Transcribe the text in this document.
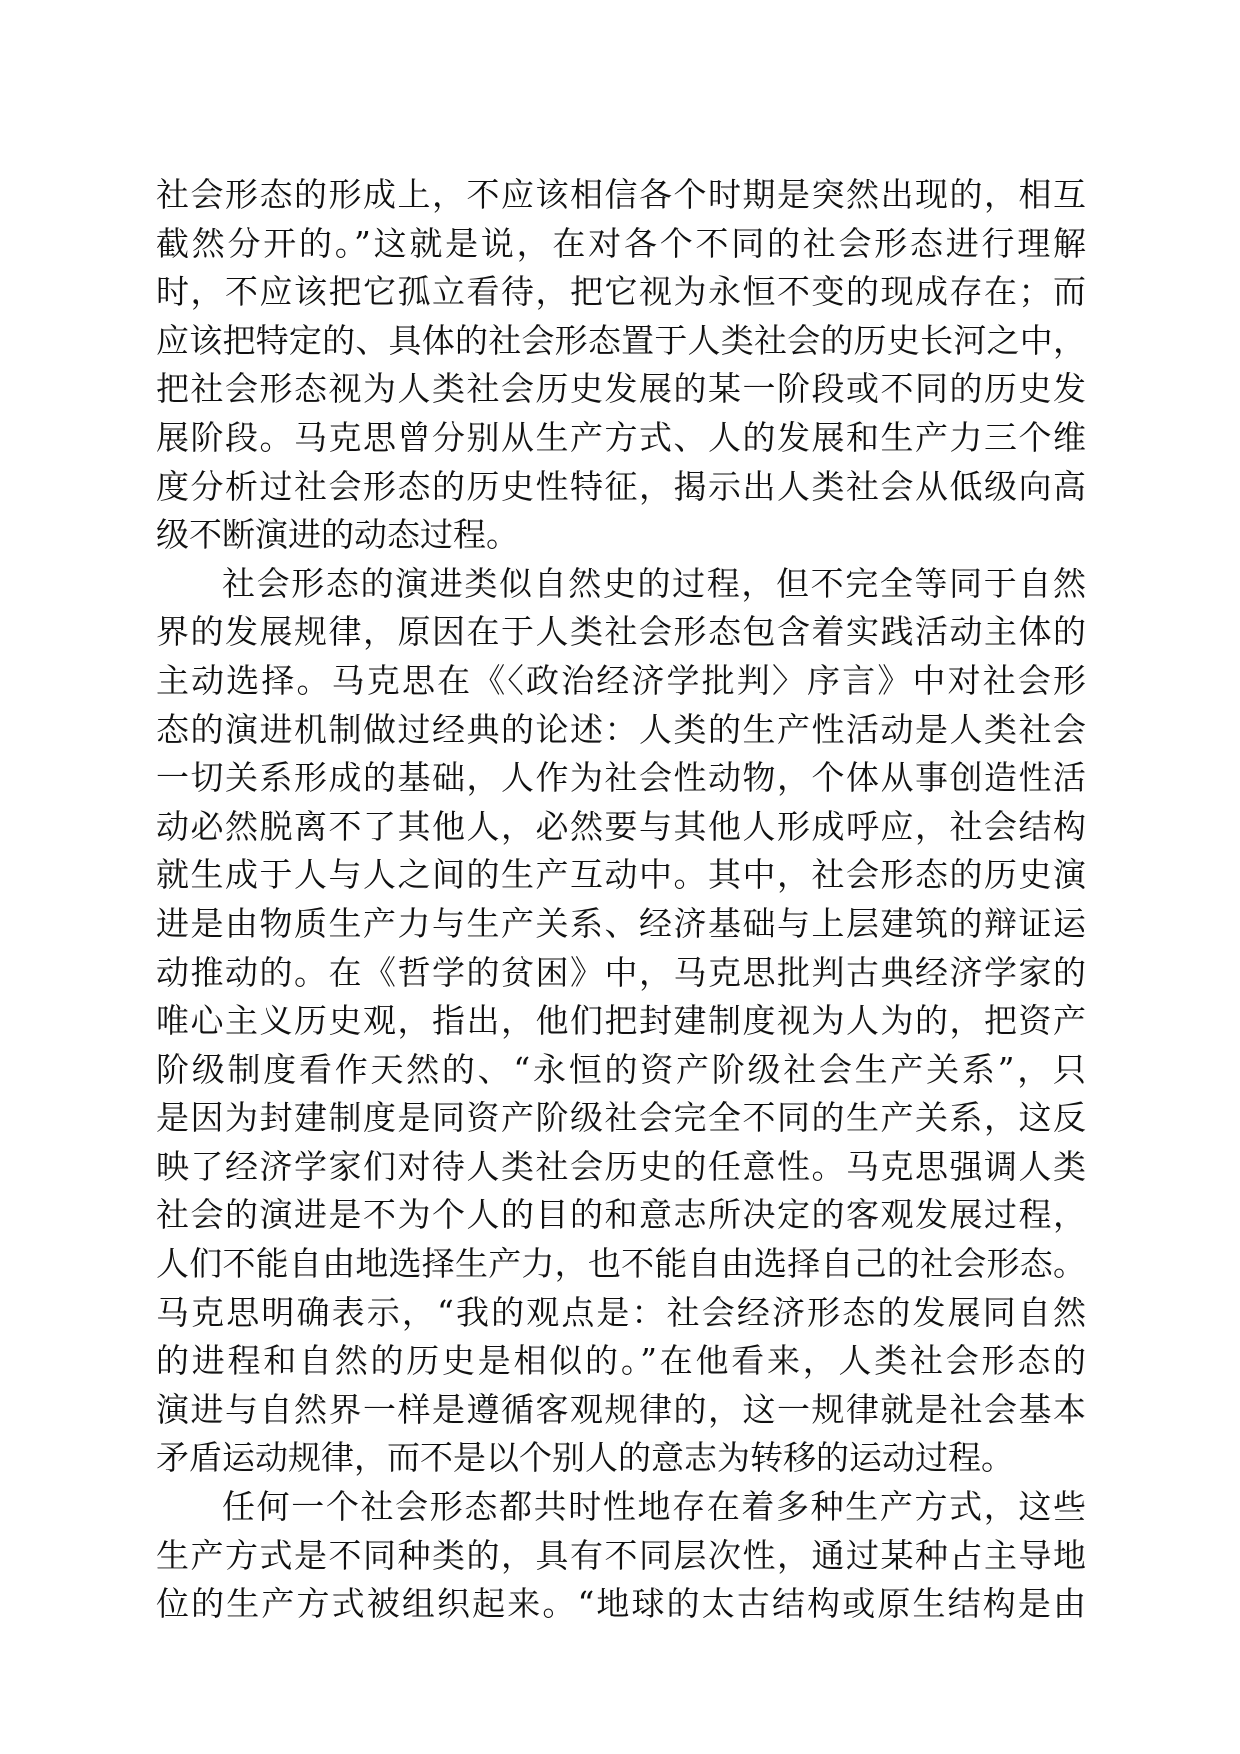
社会形态的形成上，不应该相信各个时期是突然出现的，相互
截然分开的。”这就是说，在对各个不同的社会形态进行理解
时，不应该把它孤立看待，把它视为永恒不变的现成存在；而
应该把特定的、具体的社会形态置于人类社会的历史长河之中，
把社会形态视为人类社会历史发展的某一阶段或不同的历史发
展阶段。马克思曾分别从生产方式、人的发展和生产力三个维
度分析过社会形态的历史性特征，揭示出人类社会从低级向高
级不断演进的动态过程。
社会形态的演进类似自然史的过程，但不完全等同于自然
界的发展规律，原因在于人类社会形态包含着实践活动主体的
主动选择。马克思在《〈政治经济学批判〉序言》中对社会形
态的演进机制做过经典的论述：人类的生产性活动是人类社会
一切关系形成的基础，人作为社会性动物，个体从事创造性活
动必然脱离不了其他人，必然要与其他人形成呼应，社会结构
就生成于人与人之间的生产互动中。其中，社会形态的历史演
进是由物质生产力与生产关系、经济基础与上层建筑的辩证运
动推动的。在《哲学的贫困》中，马克思批判古典经济学家的
唯心主义历史观，指出，他们把封建制度视为人为的，把资产
阶级制度看作天然的、“永恒的资产阶级社会生产关系”，只
是因为封建制度是同资产阶级社会完全不同的生产关系，这反
映了经济学家们对待人类社会历史的任意性。马克思强调人类
社会的演进是不为个人的目的和意志所决定的客观发展过程，
人们不能自由地选择生产力，也不能自由选择自己的社会形态。
马克思明确表示，“我的观点是：社会经济形态的发展同自然
的进程和自然的历史是相似的。”在他看来，人类社会形态的
演进与自然界一样是遵循客观规律的，这一规律就是社会基本
矛盾运动规律，而不是以个别人的意志为转移的运动过程。
任何一个社会形态都共时性地存在着多种生产方式，这些
生产方式是不同种类的，具有不同层次性，通过某种占主导地
位的生产方式被组织起来。“地球的太古结构或原生结构是由
